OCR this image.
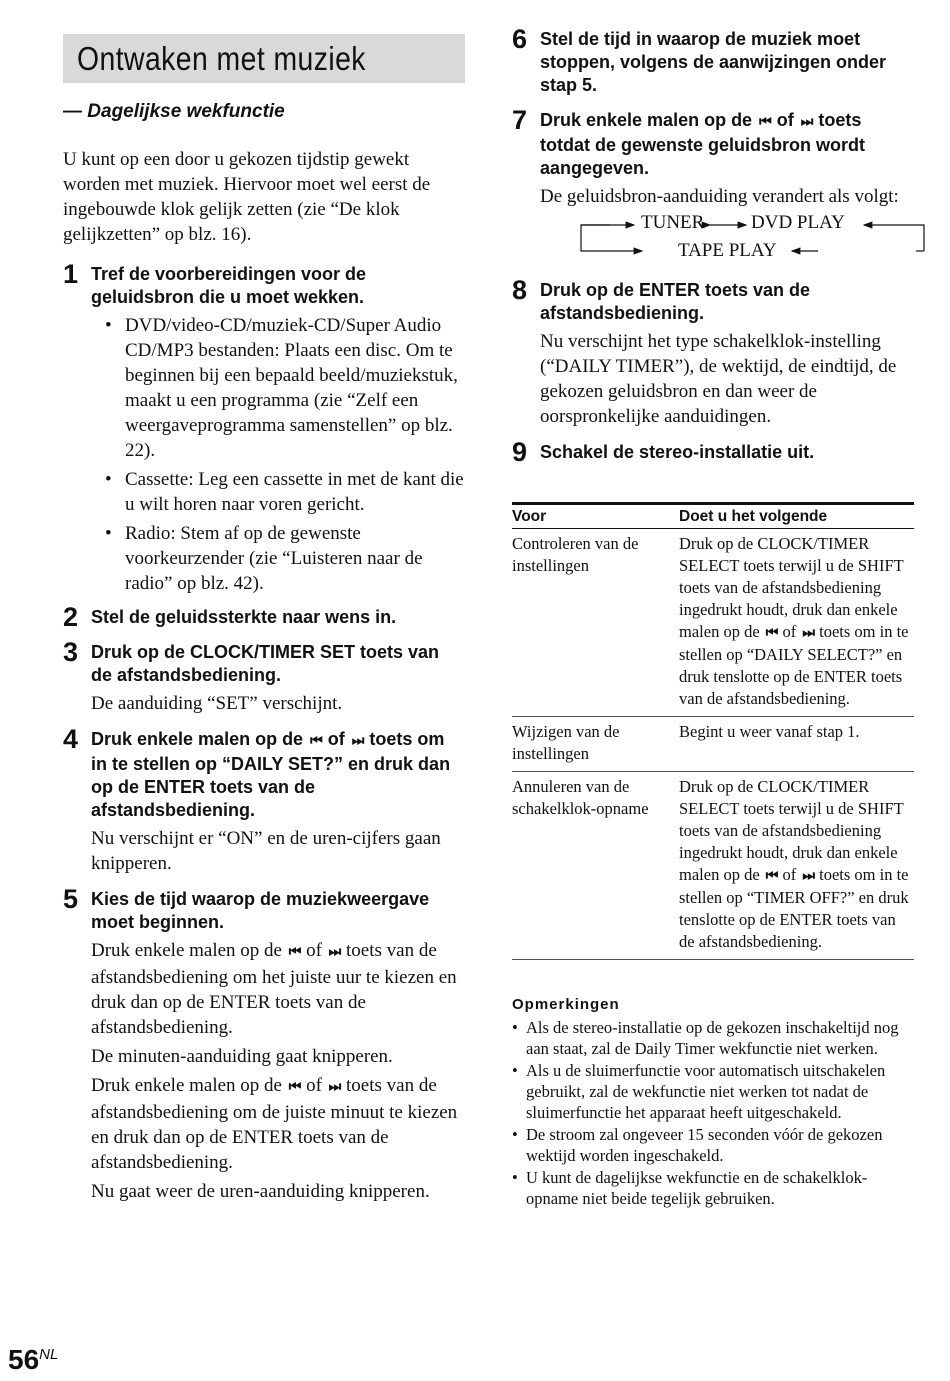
Ontwaken met muziek
— Dagelijkse wekfunctie
U kunt op een door u gekozen tijdstip gewekt worden met muziek. Hiervoor moet wel eerst de ingebouwde klok gelijk zetten (zie “De klok gelijkzetten” op blz. 16).
1 Tref de voorbereidingen voor de geluidsbron die u moet wekken.
• DVD/video-CD/muziek-CD/Super Audio CD/MP3 bestanden: Plaats een disc. Om te beginnen bij een bepaald beeld/muziekstuk, maakt u een programma (zie “Zelf een weergaveprogramma samenstellen” op blz. 22).
• Cassette: Leg een cassette in met de kant die u wilt horen naar voren gericht.
• Radio: Stem af op de gewenste voorkeurzender (zie “Luisteren naar de radio” op blz. 42).
2 Stel de geluidssterkte naar wens in.
3 Druk op de CLOCK/TIMER SET toets van de afstandsbediening.
De aanduiding “SET” verschijnt.
4 Druk enkele malen op de ⏮ of ⏭ toets om in te stellen op “DAILY SET?” en druk dan op de ENTER toets van de afstandsbediening.
Nu verschijnt er “ON” en de uren-cijfers gaan knipperen.
5 Kies de tijd waarop de muziekweergave moet beginnen.

Druk enkele malen op de ⏮ of ⏭ toets van de afstandsbediening om het juiste uur te kiezen en druk dan op de ENTER toets van de afstandsbediening.

De minuten-aanduiding gaat knipperen.

Druk enkele malen op de ⏮ of ⏭ toets van de afstandsbediening om de juiste minuut te kiezen en druk dan op de ENTER toets van de afstandsbediening.

Nu gaat weer de uren-aanduiding knipperen.

6 Stel de tijd in waarop de muziek moet stoppen, volgens de aanwijzingen onder stap 5.
7 Druk enkele malen op de ⏮ of ⏭ toets totdat de gewenste geluidsbron wordt aangegeven.
De geluidsbron-aanduiding verandert als volgt:
TUNER DVD PLAY
TAPE PLAY
8 Druk op de ENTER toets van de afstandsbediening.
Nu verschijnt het type schakelklok-instelling (“DAILY TIMER”), de wektijd, de eindtijd, de gekozen geluidsbron en dan weer de oorspronkelijke aanduidingen.
9 Schakel de stereo-installatie uit.
Voor	Doet u het volgende
Controleren van de instellingen	Druk op de CLOCK/TIMER SELECT toets terwijl u de SHIFT toets van de afstandsbediening ingedrukt houdt, druk dan enkele malen op de ⏮ of ⏭ toets om in te stellen op “DAILY SELECT?” en druk tenslotte op de ENTER toets van de afstandsbediening.
Wijzigen van de instellingen	Begint u weer vanaf stap 1.
Annuleren van de schakelklok-opname	Druk op de CLOCK/TIMER SELECT toets terwijl u de SHIFT toets van de afstandsbediening ingedrukt houdt, druk dan enkele malen op de ⏮ of ⏭ toets om in te stellen op “TIMER OFF?” en druk tenslotte op de ENTER toets van de afstandsbediening.
Opmerkingen
• Als de stereo-installatie op de gekozen inschakeltijd nog aan staat, zal de Daily Timer wekfunctie niet werken.
• Als u de sluimerfunctie voor automatisch uitschakelen gebruikt, zal de wekfunctie niet werken tot nadat de sluimerfunctie het apparaat heeft uitgeschakeld.
• De stroom zal ongeveer 15 seconden vóór de gekozen wektijd worden ingeschakeld.
• U kunt de dagelijkse wekfunctie en de schakelklok-opname niet beide tegelijk gebruiken.
$56^{NL}$
